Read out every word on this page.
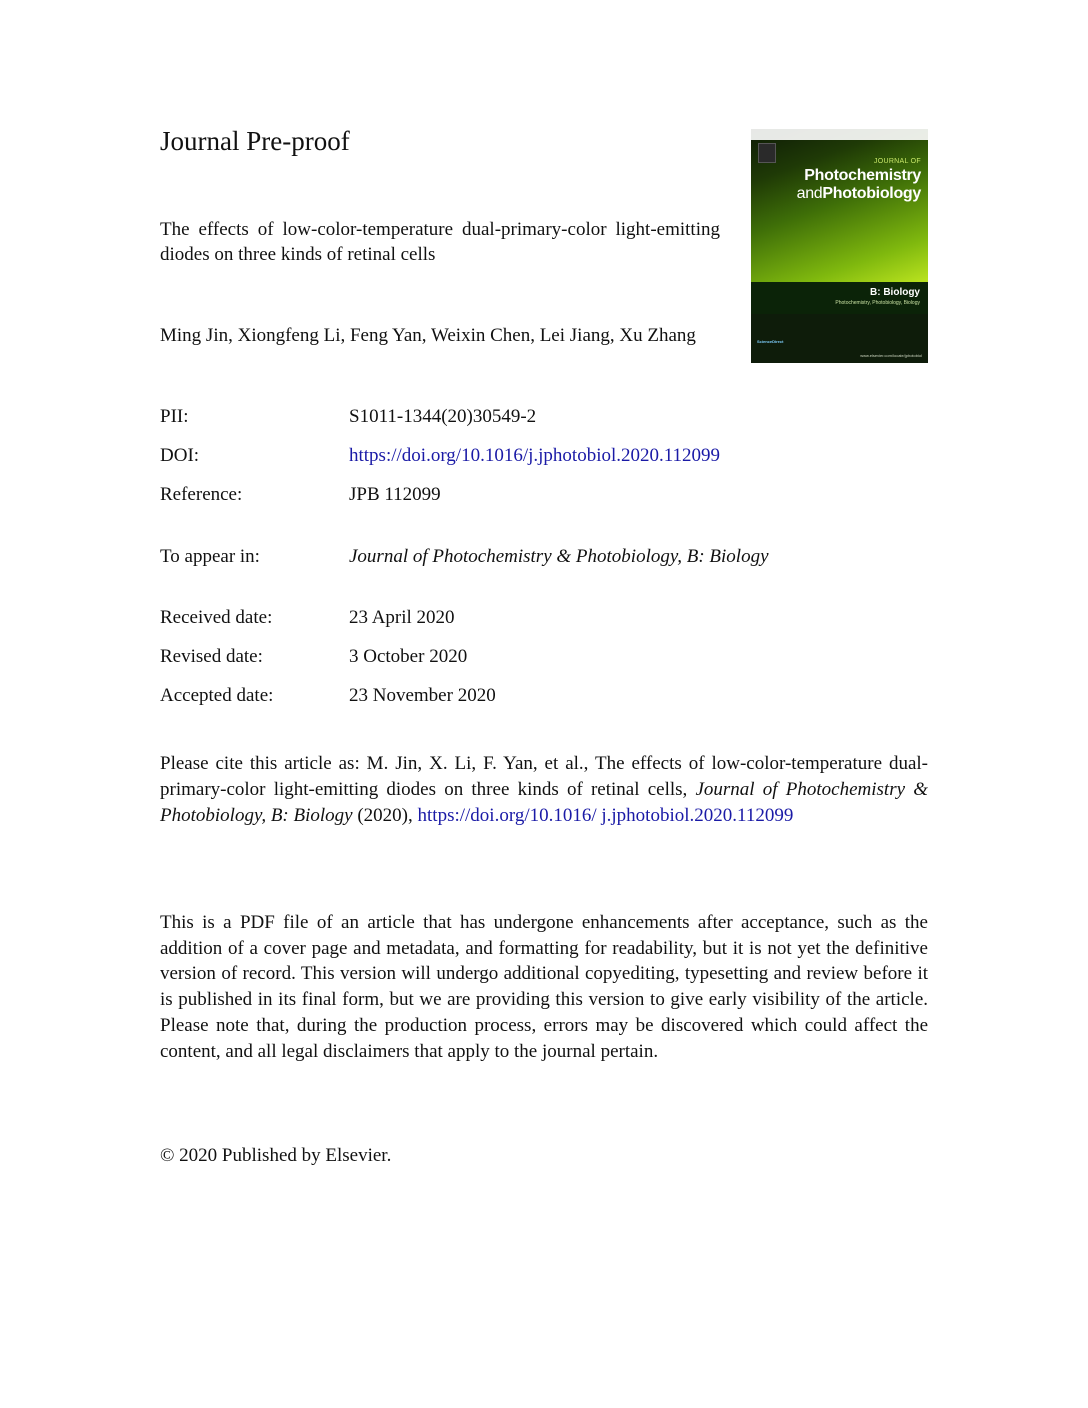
Journal Pre-proof
The effects of low-color-temperature dual-primary-color light-emitting diodes on three kinds of retinal cells
Ming Jin, Xiongfeng Li, Feng Yan, Weixin Chen, Lei Jiang, Xu Zhang
JOURNAL OF
Photochemistry
andPhotobiology
B: Biology
Photochemistry, Photobiology, Biology
ScienceDirect
www.elsevier.com/locate/jphotobiol
PII:	S1011-1344(20)30549-2
DOI:	https://doi.org/10.1016/j.jphotobiol.2020.112099
Reference:	JPB 112099
To appear in:	Journal of Photochemistry & Photobiology, B: Biology
Received date:	23 April 2020
Revised date:	3 October 2020
Accepted date:	23 November 2020
Please cite this article as: M. Jin, X. Li, F. Yan, et al., The effects of low-color-temperature dual-primary-color light-emitting diodes on three kinds of retinal cells, Journal of Photochemistry & Photobiology, B: Biology (2020), https://doi.org/10.1016/ j.jphotobiol.2020.112099
This is a PDF file of an article that has undergone enhancements after acceptance, such as the addition of a cover page and metadata, and formatting for readability, but it is not yet the definitive version of record. This version will undergo additional copyediting, typesetting and review before it is published in its final form, but we are providing this version to give early visibility of the article. Please note that, during the production process, errors may be discovered which could affect the content, and all legal disclaimers that apply to the journal pertain.
© 2020 Published by Elsevier.
